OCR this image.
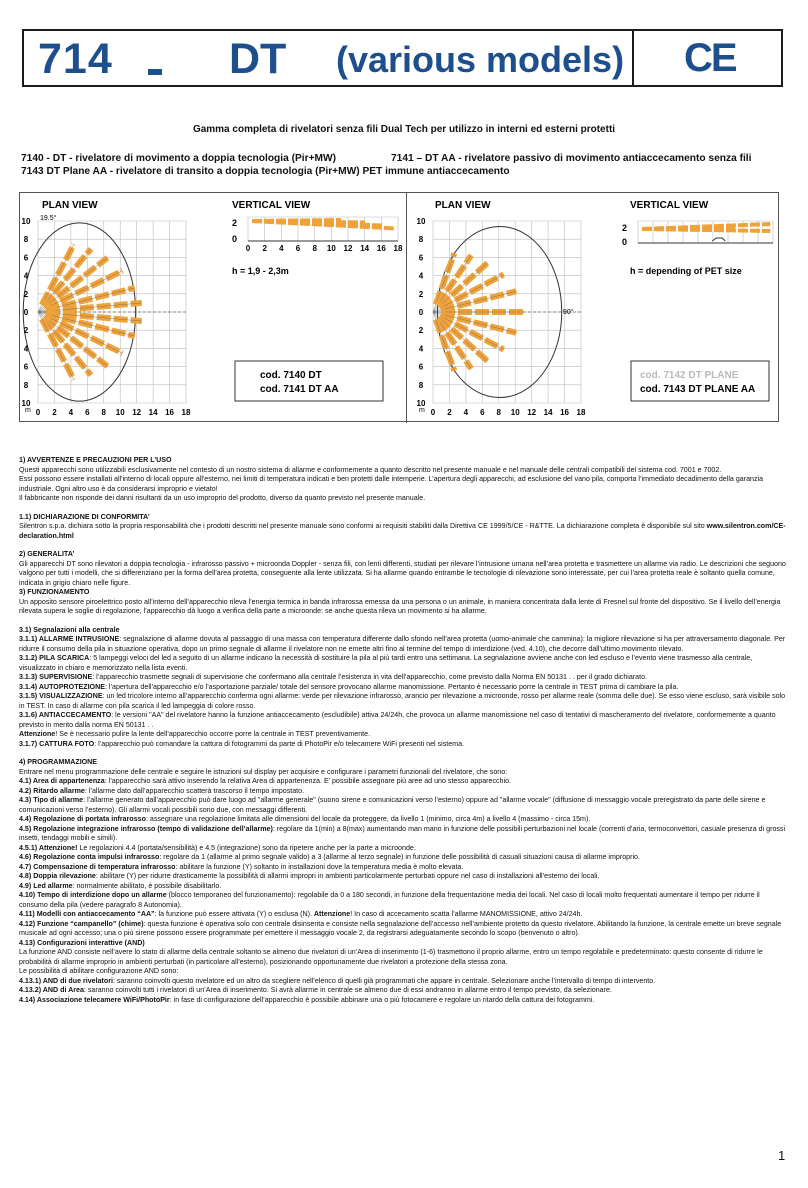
714	DT (various models) CE
Gamma completa di rivelatori senza fili Dual Tech per utilizzo in interni ed esterni protetti
7140 - DT - rivelatore di movimento a doppia tecnologia (Pir+MW)	7141 – DT AA - rivelatore passivo di movimento antiaccecamento senza fili
7143 DT Plane AA - rivelatore di transito a doppia tecnologia (Pir+MW) PET immune antiaccecamento
PLAN VIEW
19.5°
10
8
6
4
2
0
2
4
6
8
10
0 2 4 6 8 10 12 14 16 18
m
VERTICAL VIEW
2
0
0 2 4 6 8 10 12 14 16 18
h = 1,9 - 2,3m
cod. 7140 DT
cod. 7141 DT AA
PLAN VIEW
90°
10
8
6
4
2
0
2
4
6
8
10
0 2 4 6 8 10 12 14 16 18
m
VERTICAL VIEW
2
0
h = depending of PET size
cod. 7142 DT PLANE
cod. 7143 DT PLANE AA

1) AVVERTENZE E PRECAUZIONI PER L’USO

Questi apparecchi sono utilizzabili esclusivamente nel contesto di un nostro sistema di allarme e conformemente a quanto descritto nel presente manuale e nel manuale delle centrali compatibili del sistema cod. 7001 e 7002.

Essi possono essere installati all'interno di locali oppure all'esterno, nei limiti di temperatura indicati e ben protetti dalle intemperie. L’apertura degli apparecchi, ad esclusione del vano pila, comporta l’immediato decadimento della garanzia industriale. Ogni altro uso è da considerarsi improprio e vietato!

Il fabbricante non risponde dei danni risultanti da un uso improprio del prodotto, diverso da quanto previsto nel presente manuale.

1.1) DICHIARAZIONE DI CONFORMITA’

Silentron s.p.a. dichiara sotto la propria responsabilità che i prodotti descritti nel presente manuale sono conformi ai requisiti stabiliti dalla Direttiva CE 1999/5/CE - R&TTE. La dichiarazione completa è disponibile sul sito www.silentron.com/CE-declaration.html

2) GENERALITA’

Gli apparecchi DT sono rilevatori a doppia tecnologia - infrarosso passivo + microonda Doppler - senza fili, con lenti differenti, studiati per rilevare l’intrusione umana nell’area protetta e trasmettere un allarme via radio. Le descrizioni che seguono valgono per tutti i modelli, che si differenziano per la forma dell’area protetta, conseguente alla lente utilizzata. Si ha allarme quando entrambe le tecnologie di rilevazione sono interessate, per cui l’area protetta reale è soltanto quella comune, indicata in grigio chiaro nelle figure.

3) FUNZIONAMENTO

Un apposito sensore piroelettrico posto all’interno dell’apparecchio rileva l’energia termica in banda infrarossa emessa da una persona o un animale, in maniera concentrata dalla lente di Fresnel sul fronte del dispositivo. Se il livello dell’energia rilevata supera le soglie di regolazione, l’apparecchio dà luogo a verifica della parte a microonde: se anche questa rileva un movimento si ha allarme.

3.1) Segnalazioni alla centrale

3.1.1) ALLARME INTRUSIONE: segnalazione di allarme dovuta al passaggio di una massa con temperatura differente dallo sfondo nell’area protetta (uomo-animale che cammina): la migliore rilevazione si ha per attraversamento diagonale. Per ridurre il consumo della pila in situazione operativa, dopo un primo segnale di allarme il rivelatore non ne emette altri fino al termine del tempo di interdizione (ved. 4.10), che decorre dall’ultimo movimento rilevato.

3.1.2) PILA SCARICA: 5 lampeggi veloci del led a seguito di un allarme indicano la necessità di sostituire la pila al più tardi entro una settimana. La segnalazione avviene anche con led escluso e l’evento viene trasmesso alla centrale, visualizzato in chiaro e memorizzato nella lista eventi.

3.1.3) SUPERVISIONE: l’apparecchio trasmette segnali di supervisione che confermano alla centrale l’esistenza in vita dell’apparecchio, come previsto dalla Norma EN 50131 . . per il grado dichiarato.

3.1.4) AUTOPROTEZIONE: l’apertura dell’apparecchio e/o l’asportazione parziale/ totale del sensore provocano allarme manomissione. Pertanto è necessario porre la centrale in TEST prima di cambiare la pila.

3.1.5) VISUALIZZAZIONE: un led tricolore interno all’apparecchio conferma ogni allarme: verde per rilevazione infrarosso, arancio per rilevazione a microonde, rosso per allarme reale (somma delle due). Se esso viene escluso, sarà visibile solo in TEST. In caso di allarme con pila scarica il led lampeggia di colore rosso.

3.1.6) ANTIACCECAMENTO: le versioni "AA" del rivelatore hanno la funzione antiaccecamento (escludibile) attiva 24/24h, che provoca un allarme manomissione nel caso di tentativi di mascheramento del rivelatore, conformemente a quanto previsto in merito dalla norma EN 50131 . .

Attenzione! Se è necessario pulire la lente dell’apparecchio occorre porre la centrale in TEST preventivamente.

3.1.7) CATTURA FOTO: l’apparecchio può comandare la cattura di fotogrammi da parte di PhotoPir e/o telecamere WiFi presenti nel sistema.

4) PROGRAMMAZIONE

Entrare nel menu programmazione delle centrale e seguire le istruzioni sul display per acquisire e configurare i parametri funzionali del rivelatore, che sono:

4.1) Area di appartenenza: l’apparecchio sarà attivo inserendo la relativa Area di appartenenza. E’ possibile assegnare più aree ad uno stesso apparecchio.

4.2) Ritardo allarme: l’allarme dato dall’apparecchio scatterà trascorso il tempo impostato.

4.3) Tipo di allarme: l’allarme generato dall’apparecchio può dare luogo ad "allarme generale" (suono sirene e comunicazioni verso l’esterno) oppure ad "allarme vocale" (diffusione di messaggio vocale preregistrato da parte delle sirene e comunicazioni verso l’esterno). Gli allarmi vocali possibili sono due, con messaggi differenti.

4.4) Regolazione di portata infrarosso: assegnare una regolazione limitata alle dimensioni del locale da proteggere, da livello 1 (minimo, circa 4m) a livello 4 (massimo - circa 15m).

4.5) Regolazione integrazione infrarosso (tempo di validazione dell’allarme): regolare da 1(min) a 8(max) aumentando man mano in funzione delle possibili perturbazioni nel locale (correnti d’aria, termoconvettori, casuale presenza di grossi insetti, tendaggi mobili e simili).

4.5.1) Attenzione! Le regolazioni 4.4 (portata/sensibilità) e 4.5 (integrazione) sono da ripetere anche per la parte a microonde.

4.6) Regolazione conta impulsi infrarosso: regolare da 1 (allarme al primo segnale valido) a 3 (allarme al terzo segnale) in funzione delle possibilità di casuali situazioni causa di allarme improprio.

4.7) Compensazione di temperatura infrarosso: abilitare la funzione (Y) soltanto in installazioni dove la temperatura media è molto elevata.

4.8) Doppia rilevazione: abilitare (Y) per ridurre drasticamente la possibilità di allarmi impropri in ambienti particolarmente perturbati oppure nel caso di installazioni all’esterno dei locali.

4.9) Led allarme: normalmente abilitato, è possibile disabilitarlo.

4.10) Tempo di interdizione dopo un allarme (blocco temporaneo del funzionamento): regolabile da 0 a 180 secondi, in funzione della frequentazione media dei locali. Nel caso di locali molto frequentati aumentare il tempo per ridurre il consumo della pila (vedere paragrafo 8 Autonomia).

4.11) Modelli con antiaccecamento “AA”: la funzione può essere attivata (Y) o esclusa (N). Attenzione! In caso di accecamento scatta l’allarme MANOMISSIONE, attivo 24/24h.

4.12) Funzione “campanello” (chime): questa funzione è operativa solo con centrale disinserita e consiste nella segnalazione dell’accesso nell’ambiente protetto da questo rivelatore. Abilitando la funzione, la centrale emette un breve segnale musicale ad ogni accesso; una o più sirene possono essere programmate per emettere il messaggio vocale 2, da registrarsi adeguatamente secondo lo scopo (benvenuto o altro).

4.13) Configurazioni interattive (AND)

La funzione AND consiste nell’avere lo stato di allarme della centrale soltanto se almeno due rivelatori di un’Area di inserimento (1-6) trasmettono il proprio allarme, entro un tempo regolabile e predeterminato: questo consente di ridurre le probabilità di allarme improprio in ambienti perturbati (in particolare all’esterno), posizionando opportunamente due rivelatori a protezione della stessa zona.

Le possibilità di abilitare configurazione AND sono:

4.13.1) AND di due rivelatori: saranno coinvolti questo rivelatore ed un altro da scegliere nell’elenco di quelli già programmati che appare in centrale. Selezionare anche l’intervallo di tempo di intervento.

4.13.2) AND di Area: saranno coinvolti tutti i rivelatori di un’Area di inserimento. Si avrà allarme in centrale se almeno due di essi andranno in allarme entro il tempo previsto, da selezionare.

4.14) Associazione telecamere WiFi/PhotoPir: in fase di configurazione dell’apparecchio è possibile abbinare una o più fotocamere e regolare un ritardo della cattura dei fotogrammi.

1
